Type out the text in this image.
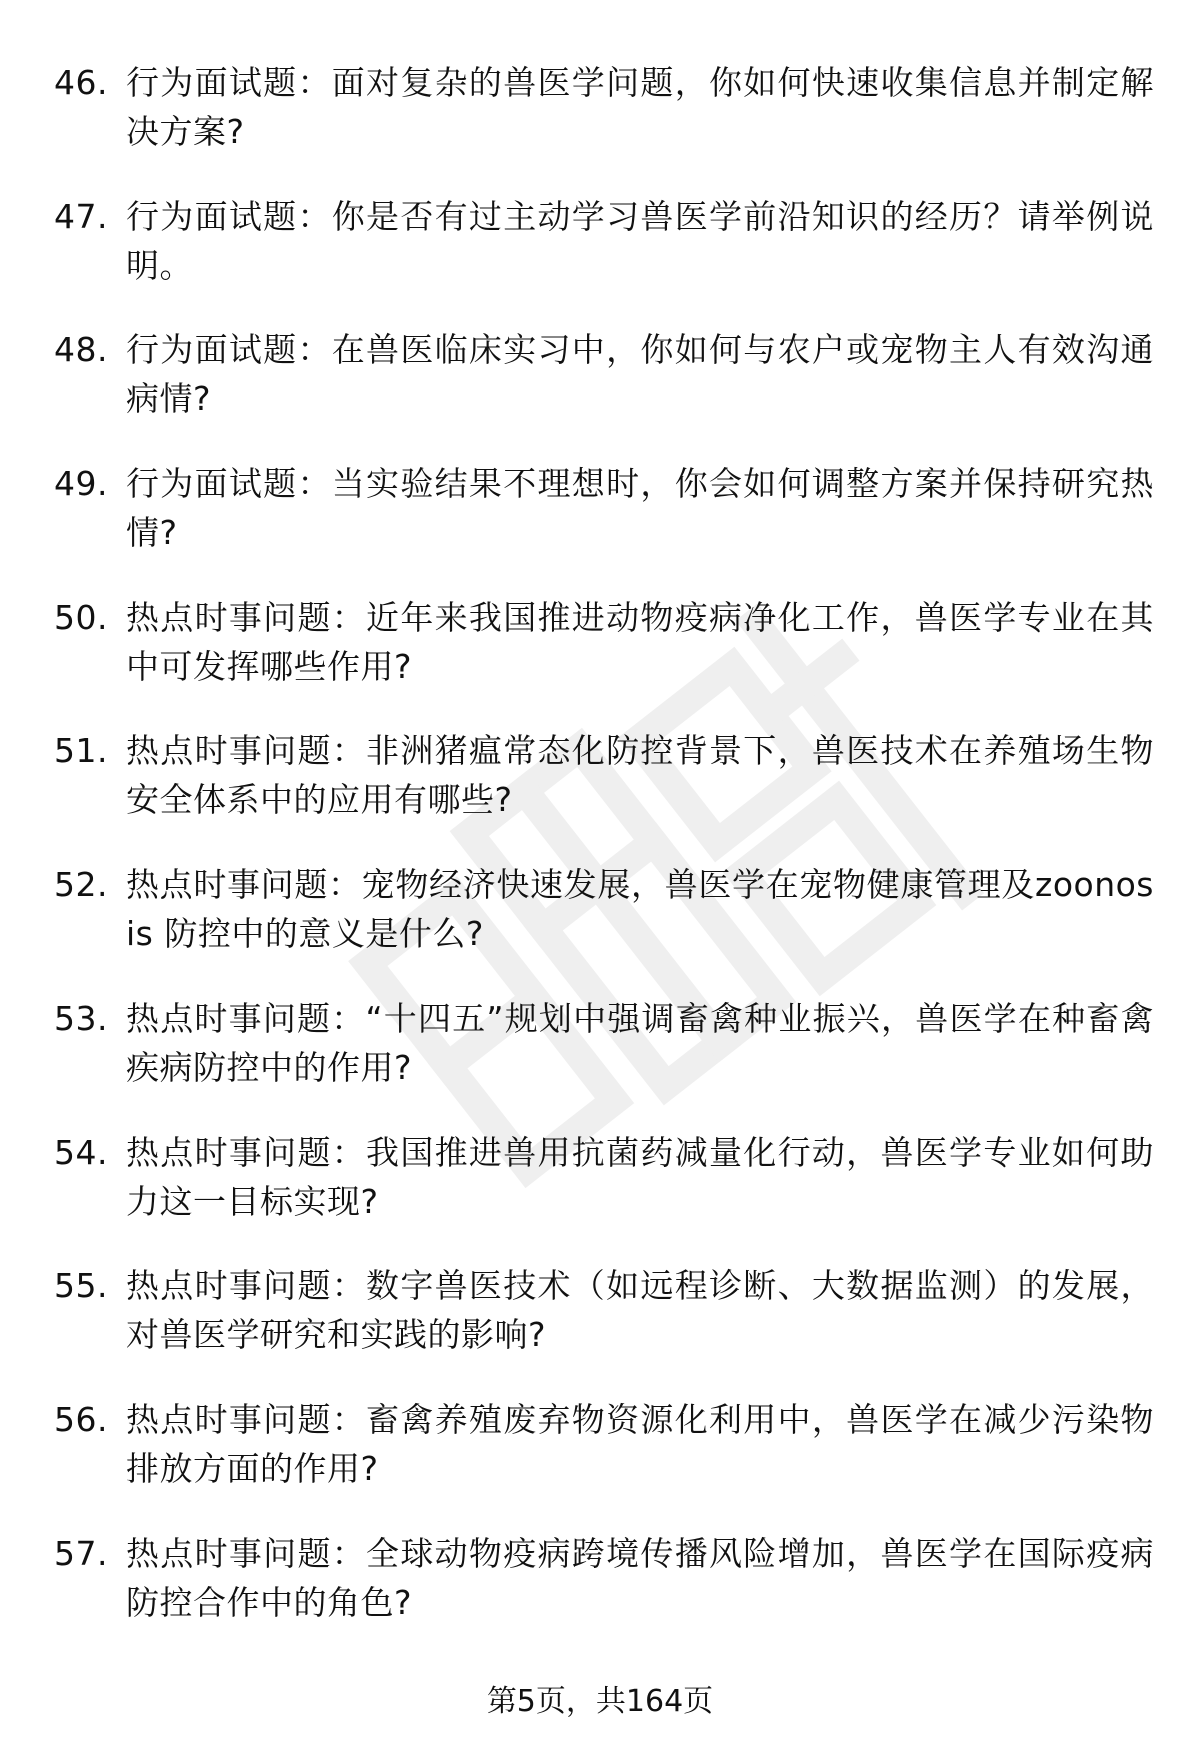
46. 行为面试题：面对复杂的兽医学问题，你如何快速收集信息并制定解决方案?
47. 行为面试题：你是否有过主动学习兽医学前沿知识的经历？请举例说明。
48. 行为面试题：在兽医临床实习中，你如何与农户或宠物主人有效沟通病情?
49. 行为面试题：当实验结果不理想时，你会如何调整方案并保持研究热情?
50. 热点时事问题：近年来我国推进动物疫病净化工作，兽医学专业在其中可发挥哪些作用?
51. 热点时事问题：非洲猪瘟常态化防控背景下，兽医技术在养殖场生物安全体系中的应用有哪些?
52. 热点时事问题：宠物经济快速发展，兽医学在宠物健康管理及zoonosis 防控中的意义是什么?
53. 热点时事问题：“十四五”规划中强调畜禽种业振兴，兽医学在种畜禽疾病防控中的作用?
54. 热点时事问题：我国推进兽用抗菌药减量化行动，兽医学专业如何助力这一目标实现?
55. 热点时事问题：数字兽医技术（如远程诊断、大数据监测）的发展，对兽医学研究和实践的影响?
56. 热点时事问题：畜禽养殖废弃物资源化利用中，兽医学在减少污染物排放方面的作用?
57. 热点时事问题：全球动物疫病跨境传播风险增加，兽医学在国际疫病防控合作中的角色?
第5页，共164页
